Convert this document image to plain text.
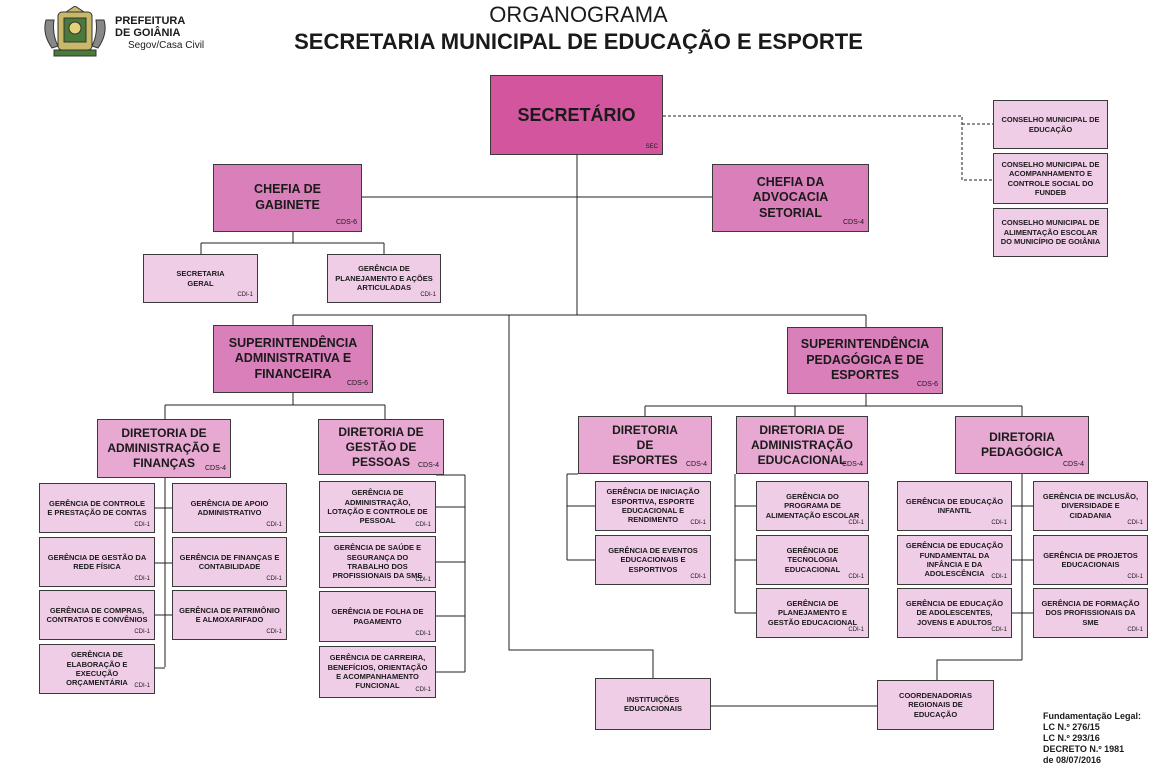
PREFEITURA
DE GOIÂNIA
Segov/Casa Civil
ORGANOGRAMA
SECRETARIA MUNICIPAL DE EDUCAÇÃO E ESPORTE
SECRETÁRIO
SEC
CONSELHO MUNICIPAL DE EDUCAÇÃO
CONSELHO MUNICIPAL DE ACOMPANHAMENTO E CONTROLE SOCIAL DO FUNDEB
CONSELHO MUNICIPAL DE ALIMENTAÇÃO ESCOLAR DO MUNICÍPIO DE GOIÂNIA
CHEFIA DE GABINETE
CDS-6
CHEFIA DA ADVOCACIA SETORIAL
CDS-4
SECRETARIA GERAL
CDI-1
GERÊNCIA DE PLANEJAMENTO E AÇÕES ARTICULADAS
CDI-1
SUPERINTENDÊNCIA ADMINISTRATIVA E FINANCEIRA
CDS-6
SUPERINTENDÊNCIA PEDAGÓGICA E DE ESPORTES
CDS-6
DIRETORIA DE ADMINISTRAÇÃO E FINANÇAS	CDS-4
DIRETORIA DE GESTÃO DE PESSOAS	CDS-4
DIRETORIA DE ESPORTES	CDS-4
DIRETORIA DE ADMINISTRAÇÃO EDUCACIONAL
CDS-4
DIRETORIA PEDAGÓGICA
CDS-4
GERÊNCIA DE CONTROLE E PRESTAÇÃO DE CONTAS
CDI-1
GERÊNCIA DE GESTÃO DA REDE FÍSICA
CDI-1
GERÊNCIA DE COMPRAS, CONTRATOS E CONVÊNIOS
CDI-1
GERÊNCIA DE ELABORAÇÃO E EXECUÇÃO ORÇAMENTÁRIA	CDI-1
GERÊNCIA DE APOIO ADMINISTRATIVO
CDI-1
GERÊNCIA DE FINANÇAS E CONTABILIDADE
CDI-1
GERÊNCIA DE PATRIMÔNIO E ALMOXARIFADO
CDI-1
GERÊNCIA DE ADMINISTRAÇÃO, LOTAÇÃO E CONTROLE DE PESSOAL	CDI-1
GERÊNCIA DE SAÚDE E SEGURANÇA DO TRABALHO DOS PROFISSIONAIS DA SME
CDI-1
GERÊNCIA DE FOLHA DE PAGAMENTO
CDI-1
GERÊNCIA DE CARREIRA, BENEFÍCIOS, ORIENTAÇÃO E ACOMPANHAMENTO FUNCIONAL	CDI-1
GERÊNCIA DE INICIAÇÃO ESPORTIVA, ESPORTE EDUCACIONAL E RENDIMENTO	CDI-1
GERÊNCIA DE EVENTOS EDUCACIONAIS E ESPORTIVOS
CDI-1
GERÊNCIA DO PROGRAMA DE ALIMENTAÇÃO ESCOLAR
CDI-1
GERÊNCIA DE TECNOLOGIA EDUCACIONAL
CDI-1
GERÊNCIA DE PLANEJAMENTO E GESTÃO EDUCACIONAL
CDI-1
GERÊNCIA DE EDUCAÇÃO INFANTIL
CDI-1
GERÊNCIA DE EDUCAÇÃO FUNDAMENTAL DA INFÂNCIA E DA ADOLESCÊNCIA	CDI-1
GERÊNCIA DE EDUCAÇÃO DE ADOLESCENTES, JOVENS E ADULTOS
CDI-1
GERÊNCIA DE INCLUSÃO, DIVERSIDADE E CIDADANIA
CDI-1
GERÊNCIA DE PROJETOS EDUCACIONAIS
CDI-1
GERÊNCIA DE FORMAÇÃO DOS PROFISSIONAIS DA SME
CDI-1
INSTITUIÇÕES EDUCACIONAIS
COORDENADORIAS REGIONAIS DE EDUCAÇÃO	Fundamentação Legal:
LC N.º 276/15
LC N.º 293/16
DECRETO N.º 1981
de 08/07/2016
